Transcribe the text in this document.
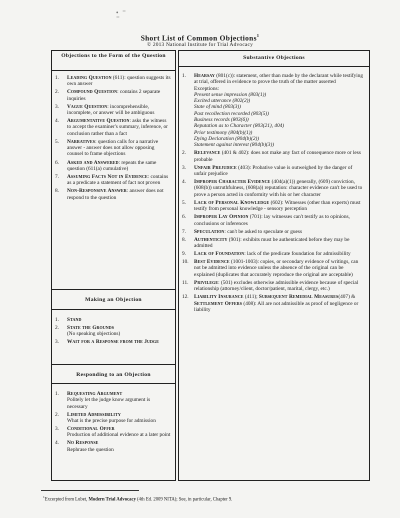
• ⁼
⁼
Short List of Common Objections$^1$
© 2013 National Institute for Trial Advocacy
Objections to the Form of the Question
1.	Leading Question (611): question suggests its own answer
2.	Compound Question: contains 2 separate inquiries
3.	Vague Question: incomprehensible, incomplete, or answer will be ambiguous
4.	Argumentative Question: asks the witness to accept the examiner's summary, inference, or conclusion rather than a fact
5.	Narratives: question calls for a narrative answer - answer does not allow opposing counsel to frame objections
6.	Asked and Answered: repeats the same question (611(a) cumulative)
7.	Assuming Facts Not in Evidence: contains as a predicate a statement of fact not proven
8.	Non-Responsive Answer: answer does not respond to the question
Making an Objection
1.	Stand
2.	State the Grounds
(No speaking objections)
3.	Wait for a Response from the Judge
Responding to an Objection
1.	Requesting Argument
Politely let the judge know argument is necessary
2.	Limited Admissibility
What is the precise purpose for admission
3.	Conditional Offer
Production of additional evidence at a later point
4.	No Response
Rephrase the question
Substantive Objections
1.	Hearsay (801(c)): statement, other than made by the declarant while testifying at trial, offered in evidence to prove the truth of the matter asserted
Exceptions:
Present sense impression (803(1))
Excited utterance (802(2))
State of mind (803(3))
Past recollection recorded (803(5))
Business records (803(6))
Reputation as to Character (803(21), 404)
Prior testimony (804(b)(1))
Dying Declaration (804(b)(2))
Statement against interest (804(b)(3))
2.	Relevance (401 & 402): does not make any fact of consequence more or less probable
3.	Unfair Prejudice (403): Probative value is outweighed by the danger of unfair prejudice
4.	Improper Character Evidence (404(a)(1)) generally, (609) conviction, (608(b)) untruthfulness, (608(a)) reputation: character evidence can't be used to prove a person acted in conformity with his or her character
5.	Lack of Personal Knowledge (602): Witnesses (other than experts) must testify from personal knowledge - sensory perception
6.	Improper Lay Opinion (701): lay witnesses can't testify as to opinions, conclusions or inferences
7.	Speculation: can't be asked to speculate or guess
8.	Authenticity (901): exhibits must be authenticated before they may be admitted
9.	Lack of Foundation: lack of the predicate foundation for admissibility
10.	Best Evidence (1001-1003): copies, or secondary evidence of writings, can not be admitted into evidence unless the absence of the original can be explained (duplicates that accurately reproduce the original are acceptable)
11.	Privilege: (501) excludes otherwise admissible evidence because of special relationship (attorney/client, doctor/patient, marital, clergy, etc.)
12.	Liability Insurance (411); Subsequent Remedial Measures(407) & Settlement Offers (408): All are not admissible as proof of negligence or liability
$^1$Excerpted from Lubet, Modern Trial Advocacy (4th Ed. 2009 NITA); See, in particular, Chapter 9.
